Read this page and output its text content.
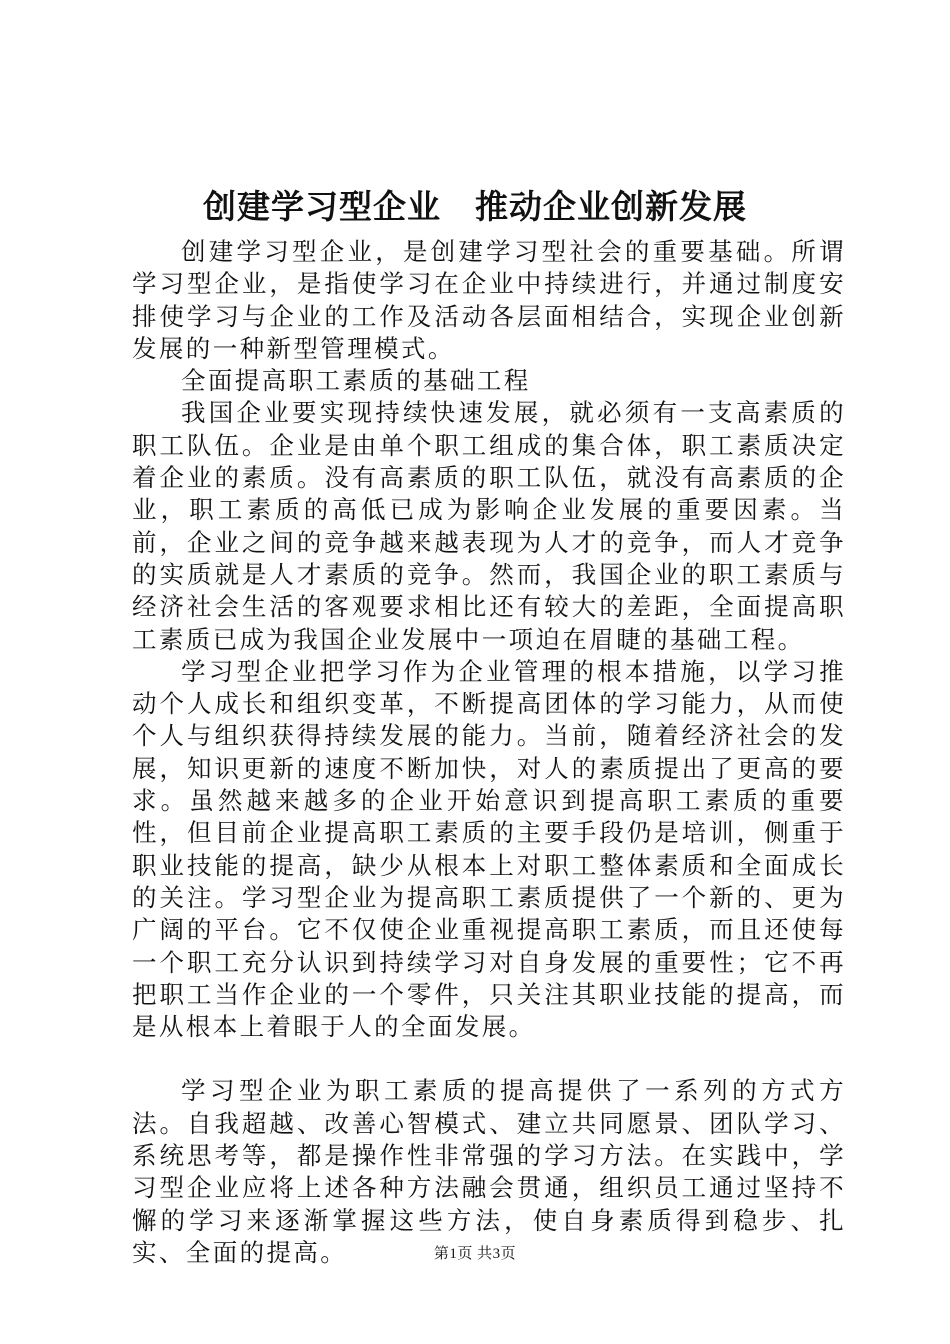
创建学习型企业　推动企业创新发展

创建学习型企业，是创建学习型社会的重要基础。所谓学习型企业，是指使学习在企业中持续进行，并通过制度安排使学习与企业的工作及活动各层面相结合，实现企业创新发展的一种新型管理模式。

全面提高职工素质的基础工程

我国企业要实现持续快速发展，就必须有一支高素质的职工队伍。企业是由单个职工组成的集合体，职工素质决定着企业的素质。没有高素质的职工队伍，就没有高素质的企业，职工素质的高低已成为影响企业发展的重要因素。当前，企业之间的竞争越来越表现为人才的竞争，而人才竞争的实质就是人才素质的竞争。然而，我国企业的职工素质与经济社会生活的客观要求相比还有较大的差距，全面提高职工素质已成为我国企业发展中一项迫在眉睫的基础工程。

学习型企业把学习作为企业管理的根本措施，以学习推动个人成长和组织变革，不断提高团体的学习能力，从而使个人与组织获得持续发展的能力。当前，随着经济社会的发展，知识更新的速度不断加快，对人的素质提出了更高的要求。虽然越来越多的企业开始意识到提高职工素质的重要性，但目前企业提高职工素质的主要手段仍是培训，侧重于职业技能的提高，缺少从根本上对职工整体素质和全面成长的关注。学习型企业为提高职工素质提供了一个新的、更为广阔的平台。它不仅使企业重视提高职工素质，而且还使每一个职工充分认识到持续学习对自身发展的重要性；它不再把职工当作企业的一个零件，只关注其职业技能的提高，而是从根本上着眼于人的全面发展。

学习型企业为职工素质的提高提供了一系列的方式方法。自我超越、改善心智模式、建立共同愿景、团队学习、系统思考等，都是操作性非常强的学习方法。在实践中，学习型企业应将上述各种方法融会贯通，组织员工通过坚持不懈的学习来逐渐掌握这些方法，使自身素质得到稳步、扎实、全面的提高。	第1页 共3页
